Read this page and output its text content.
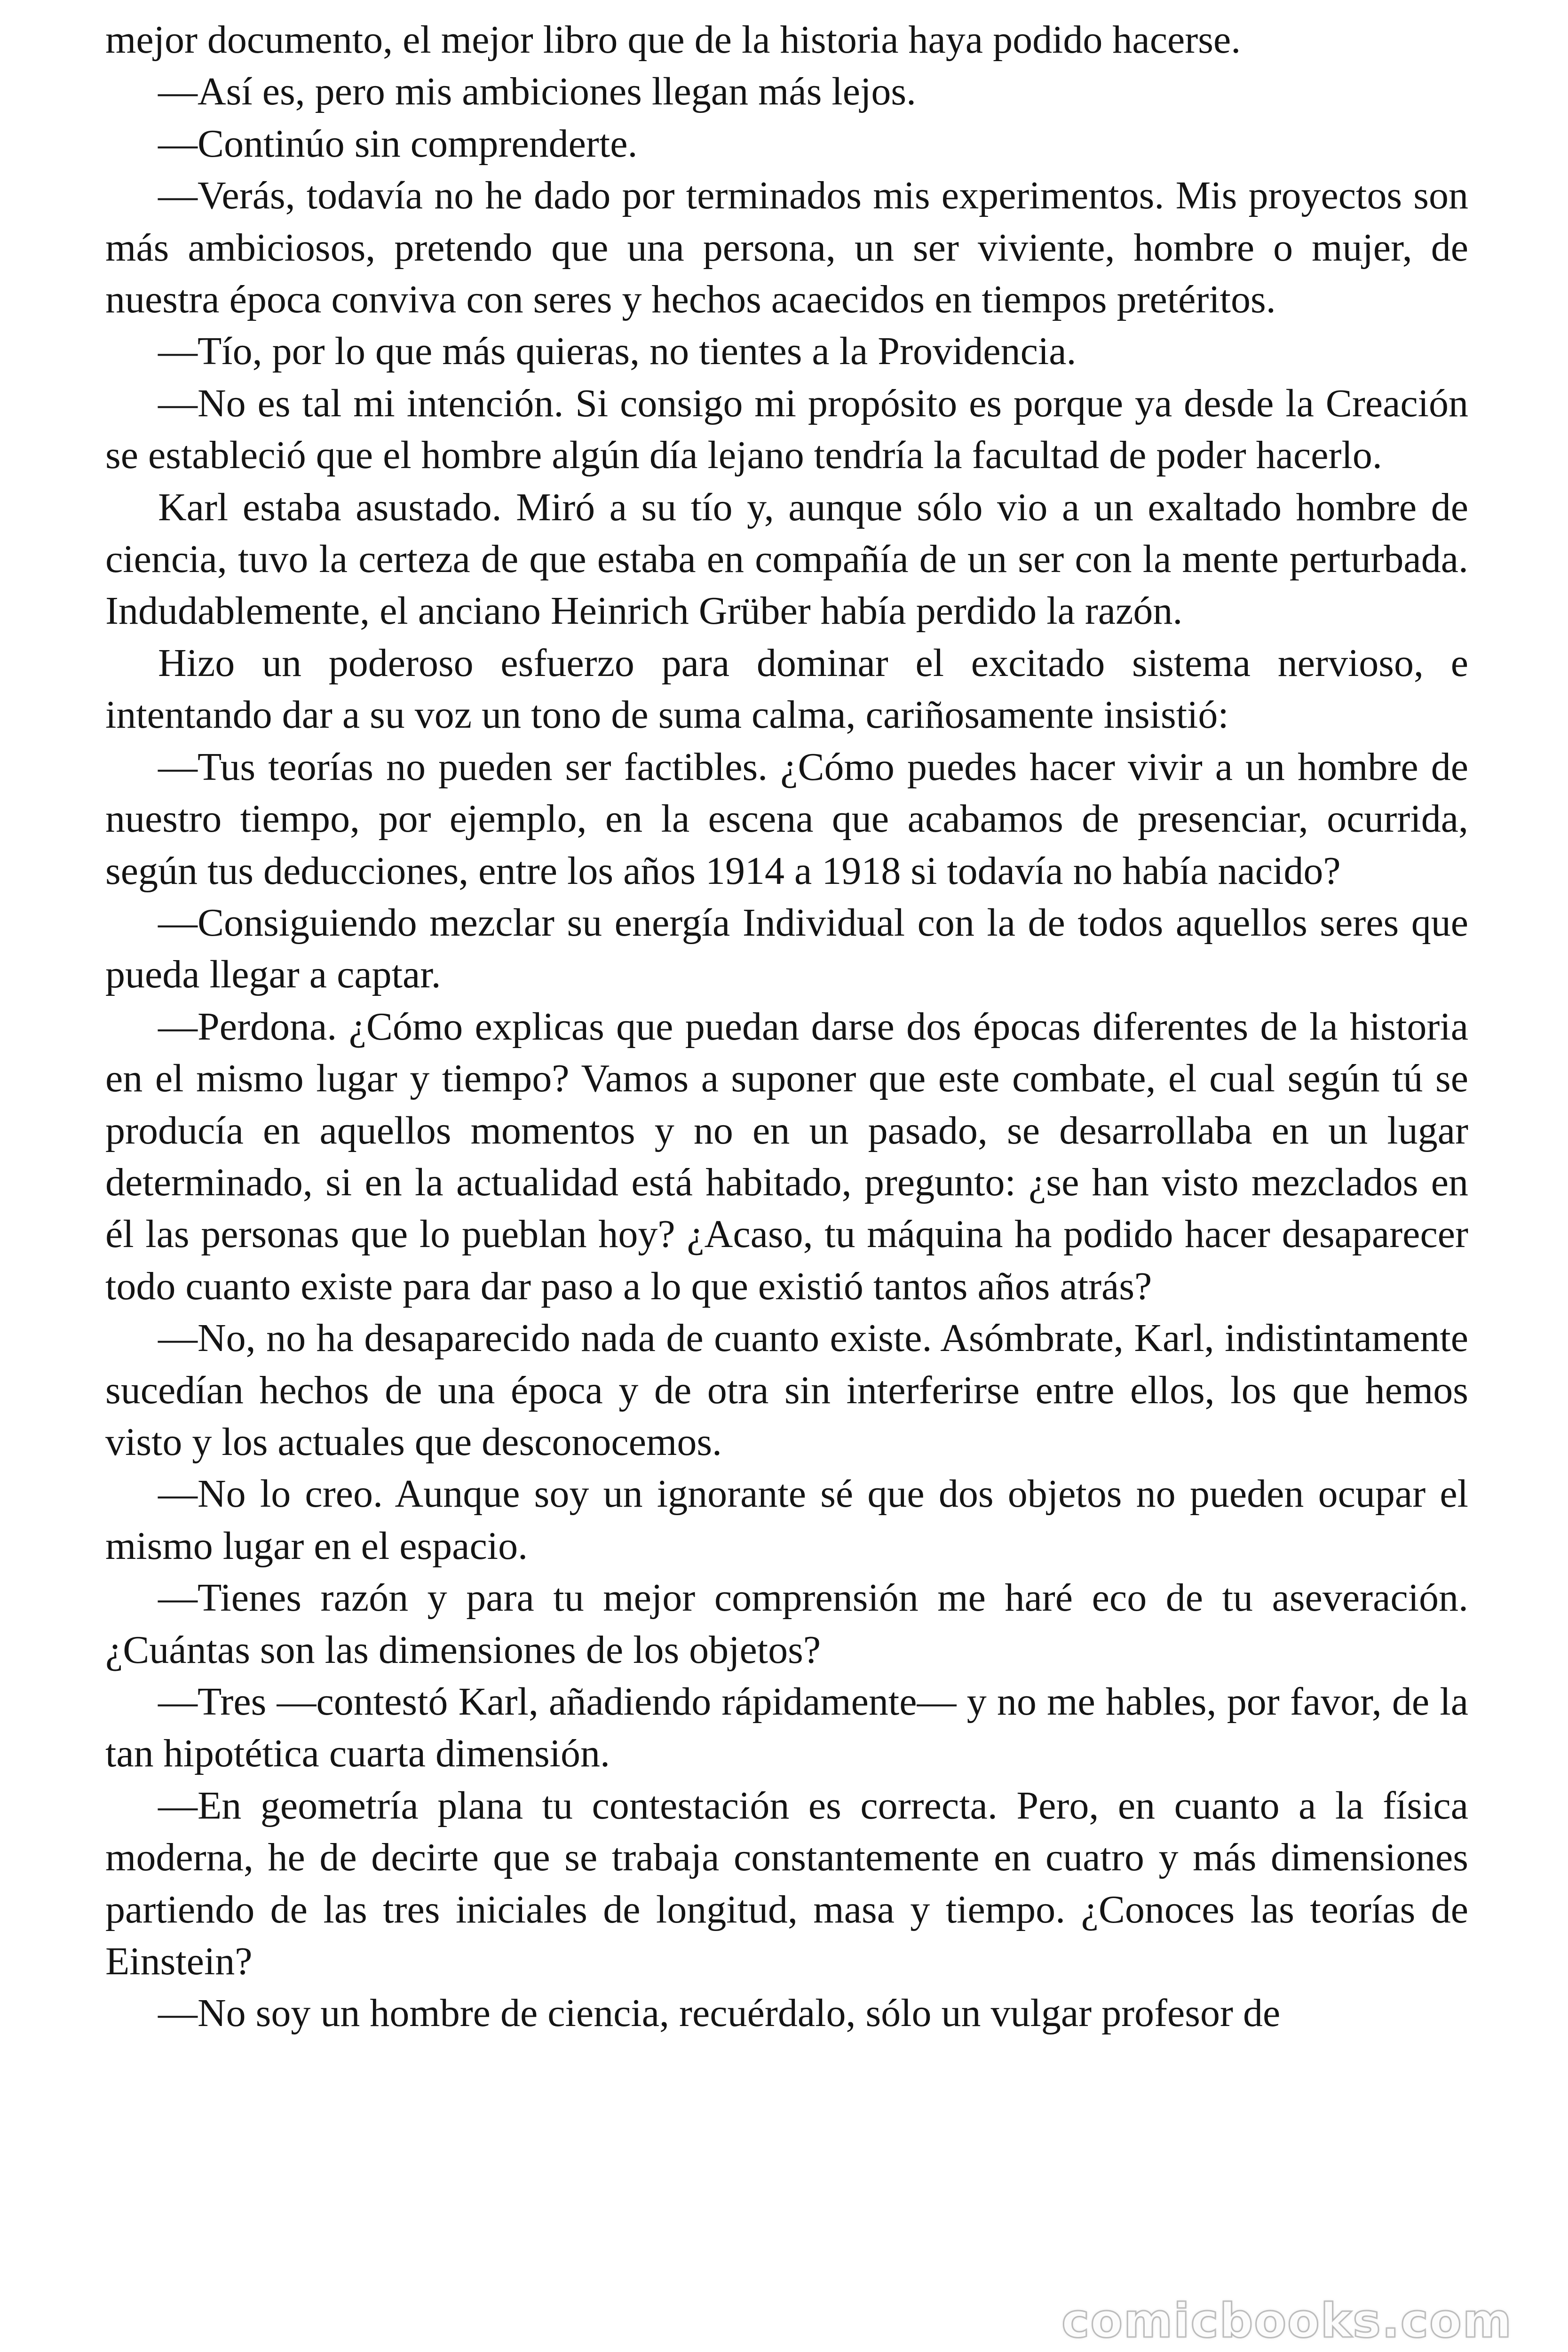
mejor documento, el mejor libro que de la historia haya podido hacerse.

—Así es, pero mis ambiciones llegan más lejos.

—Continúo sin comprenderte.

—Verás, todavía no he dado por terminados mis experimentos. Mis proyectos son más ambiciosos, pretendo que una persona, un ser viviente, hombre o mujer, de nuestra época conviva con seres y hechos acaecidos en tiempos pretéritos.

—Tío, por lo que más quieras, no tientes a la Providencia.

—No es tal mi intención. Si consigo mi propósito es porque ya desde la Creación se estableció que el hombre algún día lejano tendría la facultad de poder hacerlo.

Karl estaba asustado. Miró a su tío y, aunque sólo vio a un exaltado hombre de ciencia, tuvo la certeza de que estaba en compañía de un ser con la mente perturbada. Indudablemente, el anciano Heinrich Grüber había perdido la razón.

Hizo un poderoso esfuerzo para dominar el excitado sistema nervioso, e intentando dar a su voz un tono de suma calma, cariñosamente insistió:

—Tus teorías no pueden ser factibles. ¿Cómo puedes hacer vivir a un hombre de nuestro tiempo, por ejemplo, en la escena que acabamos de presenciar, ocurrida, según tus deducciones, entre los años 1914 a 1918 si todavía no había nacido?

—Consiguiendo mezclar su energía Individual con la de todos aquellos seres que pueda llegar a captar.

—Perdona. ¿Cómo explicas que puedan darse dos épocas diferentes de la historia en el mismo lugar y tiempo? Vamos a suponer que este combate, el cual según tú se producía en aquellos momentos y no en un pasado, se desarrollaba en un lugar determinado, si en la actualidad está habitado, pregunto: ¿se han visto mezclados en él las personas que lo pueblan hoy? ¿Acaso, tu máquina ha podido hacer desaparecer todo cuanto existe para dar paso a lo que existió tantos años atrás?

—No, no ha desaparecido nada de cuanto existe. Asómbrate, Karl, indistintamente sucedían hechos de una época y de otra sin interferirse entre ellos, los que hemos visto y los actuales que desconocemos.

—No lo creo. Aunque soy un ignorante sé que dos objetos no pueden ocupar el mismo lugar en el espacio.

—Tienes razón y para tu mejor comprensión me haré eco de tu aseveración. ¿Cuántas son las dimensiones de los objetos?

—Tres —contestó Karl, añadiendo rápidamente— y no me hables, por favor, de la tan hipotética cuarta dimensión.

—En geometría plana tu contestación es correcta. Pero, en cuanto a la física moderna, he de decirte que se trabaja constantemente en cuatro y más dimensiones partiendo de las tres iniciales de longitud, masa y tiempo. ¿Conoces las teorías de Einstein?

—No soy un hombre de ciencia, recuérdalo, sólo un vulgar profesor de

comicbooks.com
